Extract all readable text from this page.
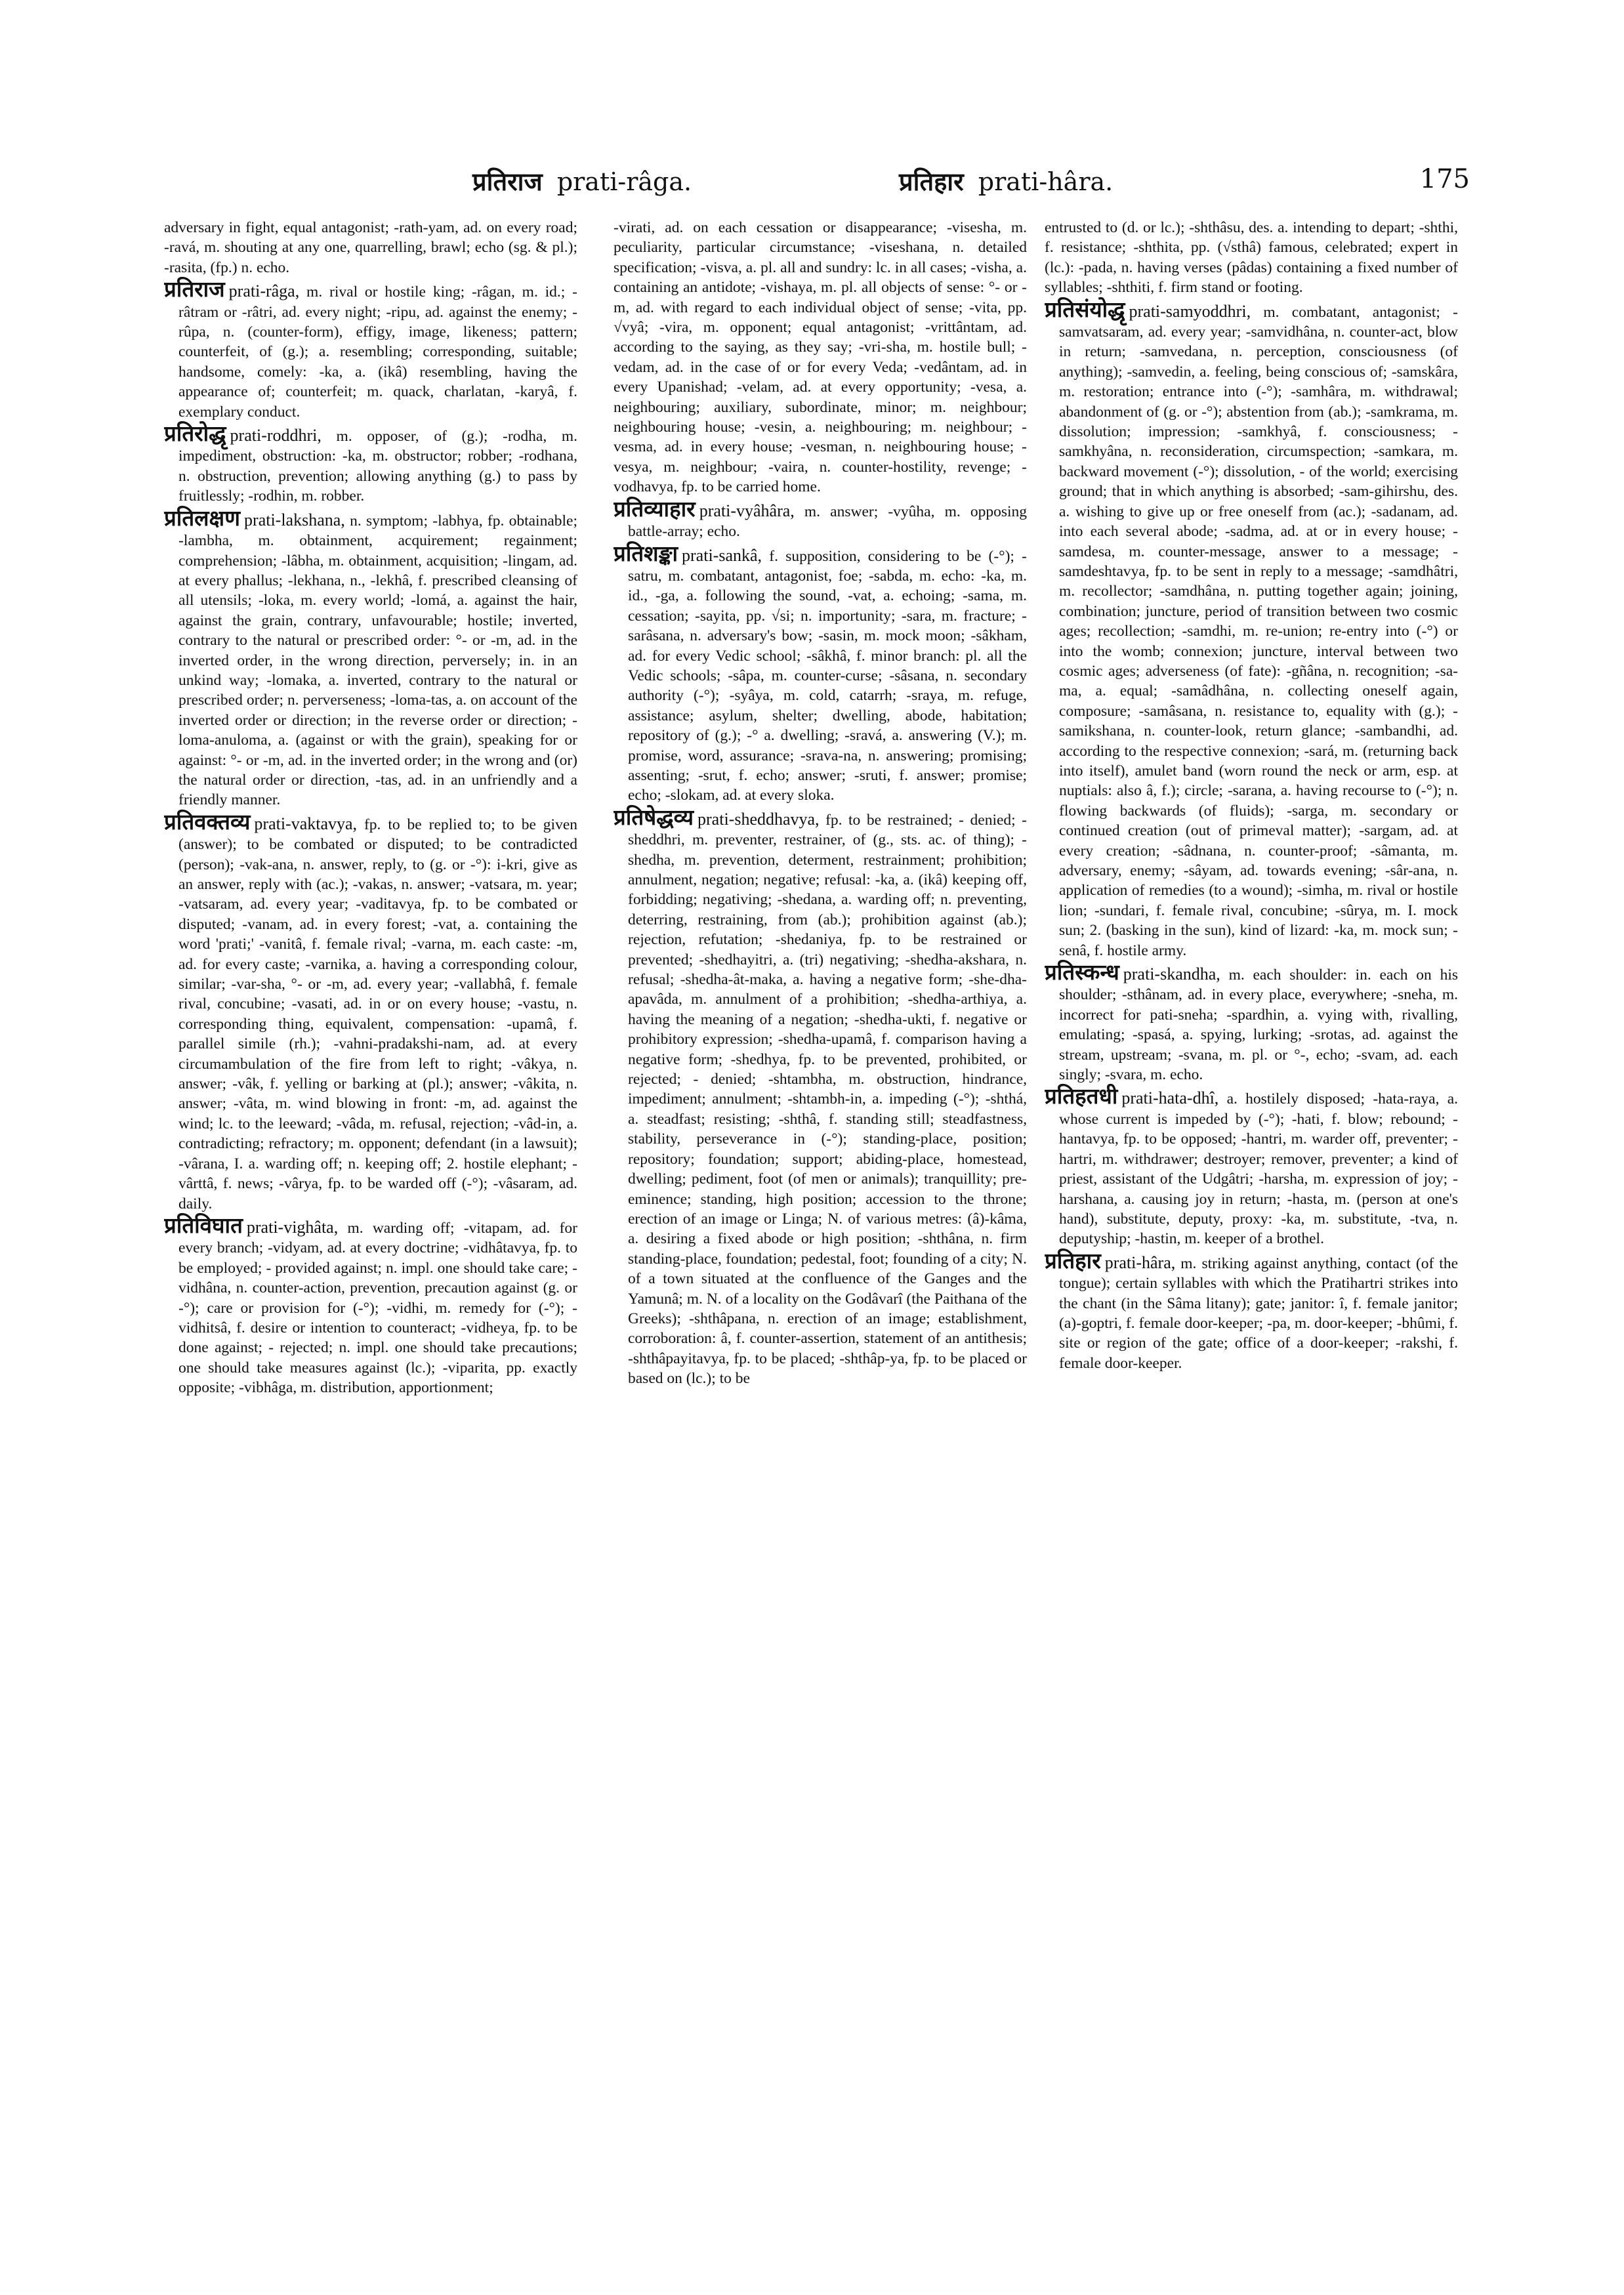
प्रतिराज prati-râga.	प्रतिहार prati-hâra.	175

adversary in fight, equal antagonist; -rath-yam, ad. on every road; -ravá, m. shouting at any one, quarrelling, brawl; echo (sg. & pl.); -rasita, (fp.) n. echo.

प्रतिराज prati-râga, m. rival or hostile king; -râgan, m. id.; -râtram or -râtri, ad. every night; -ripu, ad. against the enemy; -rûpa, n. (counter-form), effigy, image, likeness; pattern; counterfeit, of (g.); a. resembling; corresponding, suitable; handsome, comely: -ka, a. (ikâ) resembling, having the appearance of; counterfeit; m. quack, charlatan, -karyâ, f. exemplary conduct.

प्रतिरोद्धृ prati-roddhri, m. opposer, of (g.); -rodha, m. impediment, obstruction: -ka, m. obstructor; robber; -rodhana, n. obstruction, prevention; allowing anything (g.) to pass by fruitlessly; -rodhin, m. robber.

प्रतिलक्षण prati-lakshana, n. symptom; -labhya, fp. obtainable; -lambha, m. obtainment, acquirement; regainment; comprehension; -lâbha, m. obtainment, acquisition; -lingam, ad. at every phallus; -lekhana, n., -lekhâ, f. prescribed cleansing of all utensils; -loka, m. every world; -lomá, a. against the hair, against the grain, contrary, unfavourable; hostile; inverted, contrary to the natural or prescribed order: °- or -m, ad. in the inverted order, in the wrong direction, perversely; in. in an unkind way; -lomaka, a. inverted, contrary to the natural or prescribed order; n. perverseness; -loma-tas, a. on account of the inverted order or direction; in the reverse order or direction; -loma-anuloma, a. (against or with the grain), speaking for or against: °- or -m, ad. in the inverted order; in the wrong and (or) the natural order or direction, -tas, ad. in an unfriendly and a friendly manner.

प्रतिवक्तव्य prati-vaktavya, fp. to be replied to; to be given (answer); to be combated or disputed; to be contradicted (person); -vak-ana, n. answer, reply, to (g. or -°): i-kri, give as an answer, reply with (ac.); -vakas, n. answer; -vatsara, m. year; -vatsaram, ad. every year; -vaditavya, fp. to be combated or disputed; -vanam, ad. in every forest; -vat, a. containing the word 'prati;' -vanitâ, f. female rival; -varna, m. each caste: -m, ad. for every caste; -varnika, a. having a corresponding colour, similar; -var-sha, °- or -m, ad. every year; -vallabhâ, f. female rival, concubine; -vasati, ad. in or on every house; -vastu, n. corresponding thing, equivalent, compensation: -upamâ, f. parallel simile (rh.); -vahni-pradakshi-nam, ad. at every circumambulation of the fire from left to right; -vâkya, n. answer; -vâk, f. yelling or barking at (pl.); answer; -vâkita, n. answer; -vâta, m. wind blowing in front: -m, ad. against the wind; lc. to the leeward; -vâda, m. refusal, rejection; -vâd-in, a. contradicting; refractory; m. opponent; defendant (in a lawsuit); -vârana, I. a. warding off; n. keeping off; 2. hostile elephant; -vârttâ, f. news; -vârya, fp. to be warded off (-°); -vâsaram, ad. daily.

प्रतिविघात prati-vighâta, m. warding off; -vitapam, ad. for every branch; -vidyam, ad. at every doctrine; -vidhâtavya, fp. to be employed; - provided against; n. impl. one should take care; -vidhâna, n. counter-action, prevention, precaution against (g. or -°); care or provision for (-°); -vidhi, m. remedy for (-°); -vidhitsâ, f. desire or intention to counteract; -vidheya, fp. to be done against; - rejected; n. impl. one should take precautions; one should take measures against (lc.); -viparita, pp. exactly opposite; -vibhâga, m. distribution, apportionment;

-virati, ad. on each cessation or disappearance; -visesha, m. peculiarity, particular circumstance; -viseshana, n. detailed specification; -visva, a. pl. all and sundry: lc. in all cases; -visha, a. containing an antidote; -vishaya, m. pl. all objects of sense: °- or -m, ad. with regard to each individual object of sense; -vita, pp. √vyâ; -vira, m. opponent; equal antagonist; -vrittântam, ad. according to the saying, as they say; -vri-sha, m. hostile bull; -vedam, ad. in the case of or for every Veda; -vedântam, ad. in every Upanishad; -velam, ad. at every opportunity; -vesa, a. neighbouring; auxiliary, subordinate, minor; m. neighbour; neighbouring house; -vesin, a. neighbouring; m. neighbour; -vesma, ad. in every house; -vesman, n. neighbouring house; -vesya, m. neighbour; -vaira, n. counter-hostility, revenge; -vodhavya, fp. to be carried home.

प्रतिव्याहार prati-vyâhâra, m. answer; -vyûha, m. opposing battle-array; echo.

प्रतिशङ्का prati-sankâ, f. supposition, considering to be (-°); -satru, m. combatant, antagonist, foe; -sabda, m. echo: -ka, m. id., -ga, a. following the sound, -vat, a. echoing; -sama, m. cessation; -sayita, pp. √si; n. importunity; -sara, m. fracture; -sarâsana, n. adversary's bow; -sasin, m. mock moon; -sâkham, ad. for every Vedic school; -sâkhâ, f. minor branch: pl. all the Vedic schools; -sâpa, m. counter-curse; -sâsana, n. secondary authority (-°); -syâya, m. cold, catarrh; -sraya, m. refuge, assistance; asylum, shelter; dwelling, abode, habitation; repository of (g.); -° a. dwelling; -sravá, a. answering (V.); m. promise, word, assurance; -srava-na, n. answering; promising; assenting; -srut, f. echo; answer; -sruti, f. answer; promise; echo; -slokam, ad. at every sloka.

प्रतिषेद्धव्य prati-sheddhavya, fp. to be restrained; - denied; -sheddhri, m. preventer, restrainer, of (g., sts. ac. of thing); -shedha, m. prevention, determent, restrainment; prohibition; annulment, negation; negative; refusal: -ka, a. (ikâ) keeping off, forbidding; negativing; -shedana, a. warding off; n. preventing, deterring, restraining, from (ab.); prohibition against (ab.); rejection, refutation; -shedaniya, fp. to be restrained or prevented; -shedhayitri, a. (tri) negativing; -shedha-akshara, n. refusal; -shedha-ât-maka, a. having a negative form; -she-dha-apavâda, m. annulment of a prohibition; -shedha-arthiya, a. having the meaning of a negation; -shedha-ukti, f. negative or prohibitory expression; -shedha-upamâ, f. comparison having a negative form; -shedhya, fp. to be prevented, prohibited, or rejected; - denied; -shtambha, m. obstruction, hindrance, impediment; annulment; -shtambh-in, a. impeding (-°); -shthá, a. steadfast; resisting; -shthâ, f. standing still; steadfastness, stability, perseverance in (-°); standing-place, position; repository; foundation; support; abiding-place, homestead, dwelling; pediment, foot (of men or animals); tranquillity; pre-eminence; standing, high position; accession to the throne; erection of an image or Linga; N. of various metres: (â)-kâma, a. desiring a fixed abode or high position; -shthâna, n. firm standing-place, foundation; pedestal, foot; founding of a city; N. of a town situated at the confluence of the Ganges and the Yamunâ; m. N. of a locality on the Godâvarî (the Paithana of the Greeks); -shthâpana, n. erection of an image; establishment, corroboration: â, f. counter-assertion, statement of an antithesis; -shthâpayitavya, fp. to be placed; -shthâp-ya, fp. to be placed or based on (lc.); to be

entrusted to (d. or lc.); -shthâsu, des. a. intending to depart; -shthi, f. resistance; -shthita, pp. (√sthâ) famous, celebrated; expert in (lc.): -pada, n. having verses (pâdas) containing a fixed number of syllables; -shthiti, f. firm stand or footing.

प्रतिसंयोद्धृ prati-samyoddhri, m. combatant, antagonist; -samvatsaram, ad. every year; -samvidhâna, n. counter-act, blow in return; -samvedana, n. perception, consciousness (of anything); -samvedin, a. feeling, being conscious of; -samskâra, m. restoration; entrance into (-°); -samhâra, m. withdrawal; abandonment of (g. or -°); abstention from (ab.); -samkrama, m. dissolution; impression; -samkhyâ, f. consciousness; -samkhyâna, n. reconsideration, circumspection; -samkara, m. backward movement (-°); dissolution, - of the world; exercising ground; that in which anything is absorbed; -sam-gihirshu, des. a. wishing to give up or free oneself from (ac.); -sadanam, ad. into each several abode; -sadma, ad. at or in every house; -samdesa, m. counter-message, answer to a message; -samdeshtavya, fp. to be sent in reply to a message; -samdhâtri, m. recollector; -samdhâna, n. putting together again; joining, combination; juncture, period of transition between two cosmic ages; recollection; -samdhi, m. re-union; re-entry into (-°) or into the womb; connexion; juncture, interval between two cosmic ages; adverseness (of fate): -gñâna, n. recognition; -sa-ma, a. equal; -samâdhâna, n. collecting oneself again, composure; -samâsana, n. resistance to, equality with (g.); -samikshana, n. counter-look, return glance; -sambandhi, ad. according to the respective connexion; -sará, m. (returning back into itself), amulet band (worn round the neck or arm, esp. at nuptials: also â, f.); circle; -sarana, a. having recourse to (-°); n. flowing backwards (of fluids); -sarga, m. secondary or continued creation (out of primeval matter); -sargam, ad. at every creation; -sâdnana, n. counter-proof; -sâmanta, m. adversary, enemy; -sâyam, ad. towards evening; -sâr-ana, n. application of remedies (to a wound); -simha, m. rival or hostile lion; -sundari, f. female rival, concubine; -sûrya, m. I. mock sun; 2. (basking in the sun), kind of lizard: -ka, m. mock sun; -senâ, f. hostile army.

प्रतिस्कन्ध prati-skandha, m. each shoulder: in. each on his shoulder; -sthânam, ad. in every place, everywhere; -sneha, m. incorrect for pati-sneha; -spardhin, a. vying with, rivalling, emulating; -spasá, a. spying, lurking; -srotas, ad. against the stream, upstream; -svana, m. pl. or °-, echo; -svam, ad. each singly; -svara, m. echo.

प्रतिहतधी prati-hata-dhî, a. hostilely disposed; -hata-raya, a. whose current is impeded by (-°); -hati, f. blow; rebound; -hantavya, fp. to be opposed; -hantri, m. warder off, preventer; -hartri, m. withdrawer; destroyer; remover, preventer; a kind of priest, assistant of the Udgâtri; -harsha, m. expression of joy; -harshana, a. causing joy in return; -hasta, m. (person at one's hand), substitute, deputy, proxy: -ka, m. substitute, -tva, n. deputyship; -hastin, m. keeper of a brothel.

प्रतिहार prati-hâra, m. striking against anything, contact (of the tongue); certain syllables with which the Pratihartri strikes into the chant (in the Sâma litany); gate; janitor: î, f. female janitor; (a)-goptri, f. female door-keeper; -pa, m. door-keeper; -bhûmi, f. site or region of the gate; office of a door-keeper; -rakshi, f. female door-keeper.
